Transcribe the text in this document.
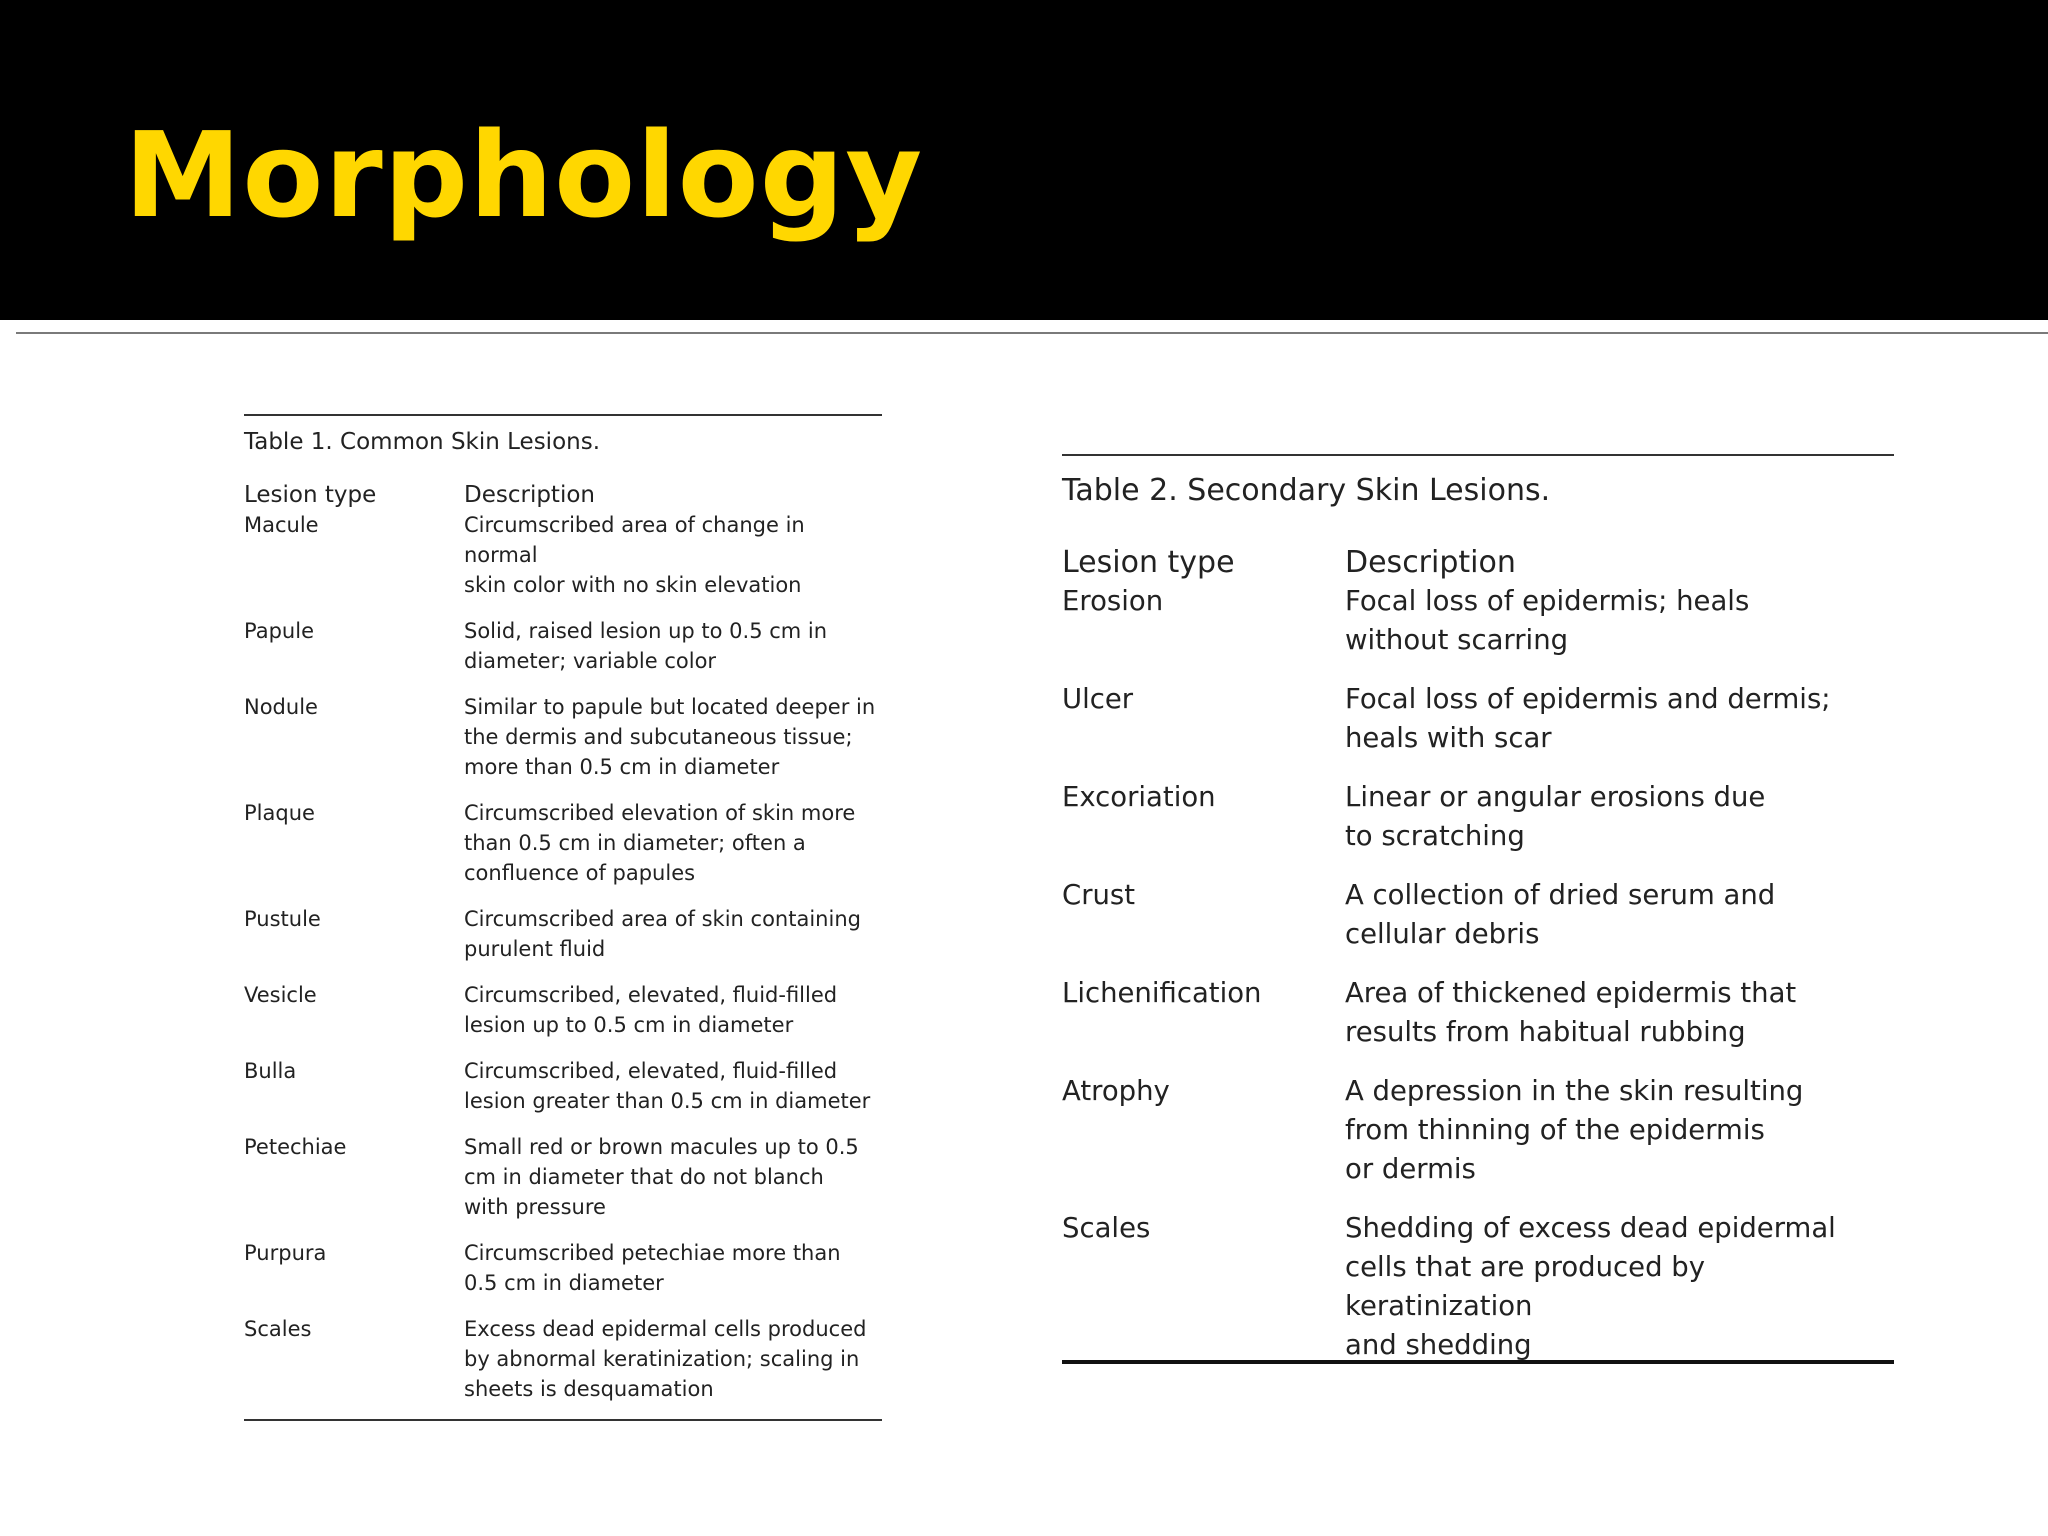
Morphology

Table 1. Common Skin Lesions.

Lesion type	Description
Macule	Circumscribed area of change in normal
skin color with no skin elevation
Papule	Solid, raised lesion up to 0.5 cm in
diameter; variable color
Nodule	Similar to papule but located deeper in
the dermis and subcutaneous tissue;
more than 0.5 cm in diameter
Plaque	Circumscribed elevation of skin more
than 0.5 cm in diameter; often a
confluence of papules
Pustule	Circumscribed area of skin containing
purulent fluid
Vesicle	Circumscribed, elevated, fluid-filled
lesion up to 0.5 cm in diameter
Bulla	Circumscribed, elevated, fluid-filled
lesion greater than 0.5 cm in diameter
Petechiae	Small red or brown macules up to 0.5
cm in diameter that do not blanch
with pressure
Purpura	Circumscribed petechiae more than
0.5 cm in diameter
Scales	Excess dead epidermal cells produced
by abnormal keratinization; scaling in
sheets is desquamation

Table 2. Secondary Skin Lesions.

Lesion type	Description
Erosion	Focal loss of epidermis; heals
without scarring
Ulcer	Focal loss of epidermis and dermis;
heals with scar
Excoriation	Linear or angular erosions due
to scratching
Crust	A collection of dried serum and
cellular debris
Lichenification	Area of thickened epidermis that
results from habitual rubbing
Atrophy	A depression in the skin resulting
from thinning of the epidermis
or dermis
Scales	Shedding of excess dead epidermal
cells that are produced by keratinization
and shedding
